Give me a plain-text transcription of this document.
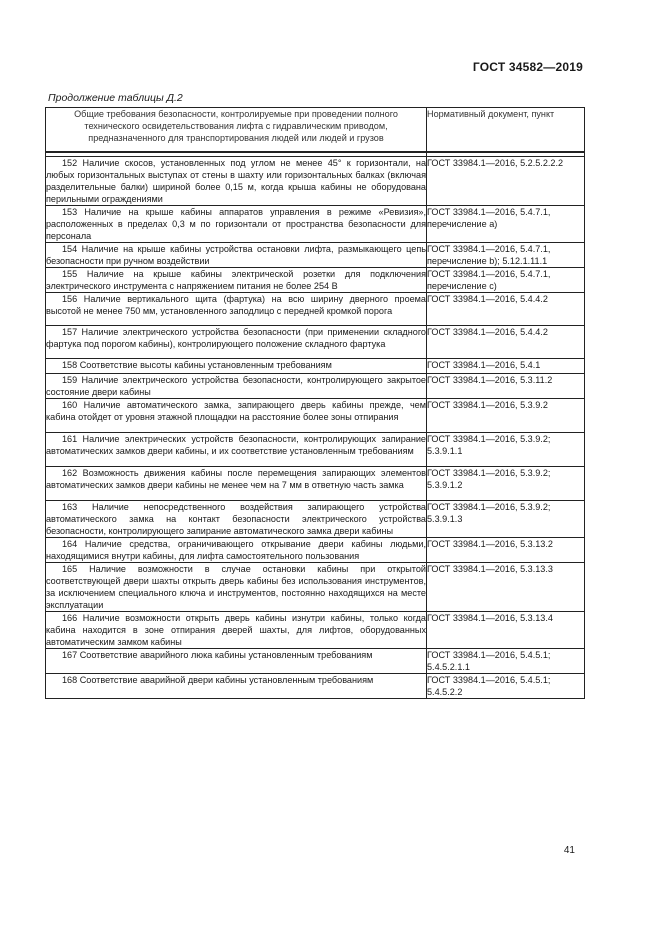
ГОСТ 34582—2019
Продолжение таблицы Д.2
Общие требования безопасности, контролируемые при проведении полного технического освидетельствования лифта с гидравлическим приводом, предназначенного для транспортирования людей или людей и грузов	Нормативный документ, пункт

152 Наличие скосов, установленных под углом не менее 45° к горизонтали, на любых горизонтальных выступах от стены в шахту или горизонтальных балках (включая разделительные балки) шириной более 0,15 м, когда крыша кабины не оборудована перильными ограждениями	ГОСТ 33984.1—2016, 5.2.5.2.2.2

153 Наличие на крыше кабины аппаратов управления в режиме «Ревизия», расположенных в пределах 0,3 м по горизонтали от пространства безопасности для персонала	ГОСТ 33984.1—2016, 5.4.7.1, перечисление а)

154 Наличие на крыше кабины устройства остановки лифта, размыкающего цепь безопасности при ручном воздействии	ГОСТ 33984.1—2016, 5.4.7.1, перечисление b); 5.12.1.11.1

155 Наличие на крыше кабины электрической розетки для подключения электрического инструмента с напряжением питания не более 254 В	ГОСТ 33984.1—2016, 5.4.7.1, перечисление с)

156 Наличие вертикального щита (фартука) на всю ширину дверного проема высотой не менее 750 мм, установленного заподлицо с передней кромкой порога	ГОСТ 33984.1—2016, 5.4.4.2

157 Наличие электрического устройства безопасности (при применении складного фартука под порогом кабины), контролирующего положение складного фартука	ГОСТ 33984.1—2016, 5.4.4.2

158 Соответствие высоты кабины установленным требованиям	ГОСТ 33984.1—2016, 5.4.1

159 Наличие электрического устройства безопасности, контролирующего закрытое состояние двери кабины	ГОСТ 33984.1—2016, 5.3.11.2

160 Наличие автоматического замка, запирающего дверь кабины прежде, чем кабина отойдет от уровня этажной площадки на расстояние более зоны отпирания	ГОСТ 33984.1—2016, 5.3.9.2

161 Наличие электрических устройств безопасности, контролирующих запирание автоматических замков двери кабины, и их соответствие установленным требованиям	ГОСТ 33984.1—2016, 5.3.9.2; 5.3.9.1.1

162 Возможность движения кабины после перемещения запирающих элементов автоматических замков двери кабины не менее чем на 7 мм в ответную часть замка	ГОСТ 33984.1—2016, 5.3.9.2; 5.3.9.1.2

163 Наличие непосредственного воздействия запирающего устройства автоматического замка на контакт безопасности электрического устройства безопасности, контролирующего запирание автоматического замка двери кабины	ГОСТ 33984.1—2016, 5.3.9.2; 5.3.9.1.3

164 Наличие средства, ограничивающего открывание двери кабины людьми, находящимися внутри кабины, для лифта самостоятельного пользования	ГОСТ 33984.1—2016, 5.3.13.2

165 Наличие возможности в случае остановки кабины при открытой соответствующей двери шахты открыть дверь кабины без использования инструментов, за исключением специального ключа и инструментов, постоянно находящихся на месте эксплуатации	ГОСТ 33984.1—2016, 5.3.13.3

166 Наличие возможности открыть дверь кабины изнутри кабины, только когда кабина находится в зоне отпирания дверей шахты, для лифтов, оборудованных автоматическим замком кабины	ГОСТ 33984.1—2016, 5.3.13.4

167 Соответствие аварийного люка кабины установленным требованиям	ГОСТ 33984.1—2016, 5.4.5.1; 5.4.5.2.1.1

168 Соответствие аварийной двери кабины установленным требованиям	ГОСТ 33984.1—2016, 5.4.5.1; 5.4.5.2.2
41
